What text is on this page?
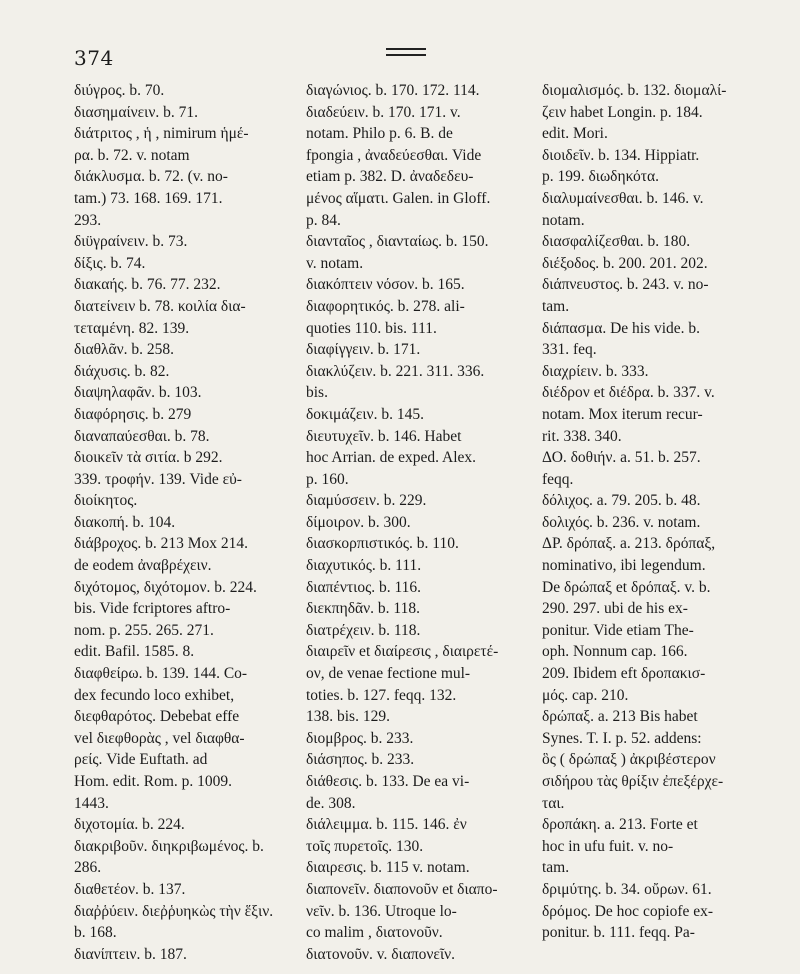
374
διύγρος. b. 70.
διασημαίνειν. b. 71.
διάτριτος , ἡ , nimirum ἡμέ-
ρα. b. 72. v. notam
διάκλυσμα. b. 72. (v. no-
tam.) 73. 168. 169. 171.
293.
διϋγραίνειν. b. 73.
δίξις. b. 74.
διακαής. b. 76. 77. 232.
διατείνειν b. 78. κοιλία δια-
τεταμένη. 82. 139.
διαθλᾶν. b. 258.
διάχυσις. b. 82.
διαψηλαφᾶν. b. 103.
διαφόρησις. b. 279
διαναπαύεσθαι. b. 78.
διοικεῖν τὰ σιτία. b 292.
339. τροφήν. 139. Vide εὐ-
διοίκητος.
διακοπή. b. 104.
διάβροχος. b. 213 Mox 214.
de eodem ἀναβρέχειν.
διχότομος, διχότομον. b. 224.
bis. Vide fcriptores aftro-
nom. p. 255. 265. 271.
edit. Bafil. 1585. 8.
διαφθείρω. b. 139. 144. Co-
dex fecundo loco exhibet,
διεφθαρότος. Debebat effe
vel διεφθορὰς , vel διαφθα-
ρείς. Vide Euftath. ad
Hom. edit. Rom. p. 1009.
1443.
διχοτομία. b. 224.
διακριβοῦν. διηκριβωμένος. b.
286.
διαθετέον. b. 137.
διαῤῥύειν. διεῤῥυηκὼς τὴν ἕξιν.
b. 168.
διανίπτειν. b. 187.
διαγώνιος. b. 170. 172. 114.
διαδεύειν. b. 170. 171. v.
notam. Philo p. 6. B. de
fpongia , ἀναδεύεσθαι. Vide
etiam p. 382. D. ἀναδεδευ-
μένος αἵματι. Galen. in Gloff.
p. 84.
διανταῖος , διανταίως. b. 150.
v. notam.
διακόπτειν νόσον. b. 165.
διαφορητικός. b. 278. ali-
quoties 110. bis. 111.
διαφίγγειν. b. 171.
διακλύζειν. b. 221. 311. 336.
bis.
δοκιμάζειν. b. 145.
διευτυχεῖν. b. 146. Habet
hoc Arrian. de exped. Alex.
p. 160.
διαμύσσειν. b. 229.
δίμοιρον. b. 300.
διασκορπιστικός. b. 110.
διαχυτικός. b. 111.
διαπέντιος. b. 116.
διεκπηδᾶν. b. 118.
διατρέχειν. b. 118.
διαιρεῖν et διαίρεσις , διαιρετέ-
ον, de venae fectione mul-
toties. b. 127. feqq. 132.
138. bis. 129.
διομβρος. b. 233.
διάσηπος. b. 233.
διάθεσις. b. 133. De ea vi-
de. 308.
διάλειμμα. b. 115. 146. ἐν
τοῖς πυρετοῖς. 130.
διαιρεσις. b. 115 v. notam.
διαπονεῖν. διαπονοῦν et διαπο-
νεῖν. b. 136. Utroque lo-
co malim , διατονοῦν.
διατονοῦν. v. διαπονεῖν.
διομαλισμός. b. 132. διομαλί-
ζειν habet Longin. p. 184.
edit. Mori.
διοιδεῖν. b. 134. Hippiatr.
p. 199. διωδηκότα.
διαλυμαίνεσθαι. b. 146. v.
notam.
διασφαλίζεσθαι. b. 180.
διέξοδος. b. 200. 201. 202.
διάπνευστος. b. 243. v. no-
tam.
διάπασμα. De his vide. b.
331. feq.
διαχρίειν. b. 333.
διέδρον et διέδρα. b. 337. v.
notam. Mox iterum recur-
rit. 338. 340.
ΔΟ. δοθιήν. a. 51. b. 257.
feqq.
δόλιχος. a. 79. 205. b. 48.
δολιχός. b. 236. v. notam.
ΔΡ. δρόπαξ. a. 213. δρόπαξ,
nominativo, ibi legendum.
De δρώπαξ et δρόπαξ. v. b.
290. 297. ubi de his ex-
ponitur. Vide etiam The-
oph. Nonnum cap. 166.
209. Ibidem eft δροπακισ-
μός. cap. 210.
δρώπαξ. a. 213 Bis habet
Synes. T. I. p. 52. addens:
ὃς ( δρώπαξ ) ἀκριβέστερον
σιδήρου τὰς θρίξιν ἐπεξέρχε-
ται.
δροπάκη. a. 213. Forte et
hoc in ufu fuit. v. no-
tam.
δριμύτης. b. 34. οὔρων. 61.
δρόμος. De hoc copiofe ex-
ponitur. b. 111. feqq. Pa-
